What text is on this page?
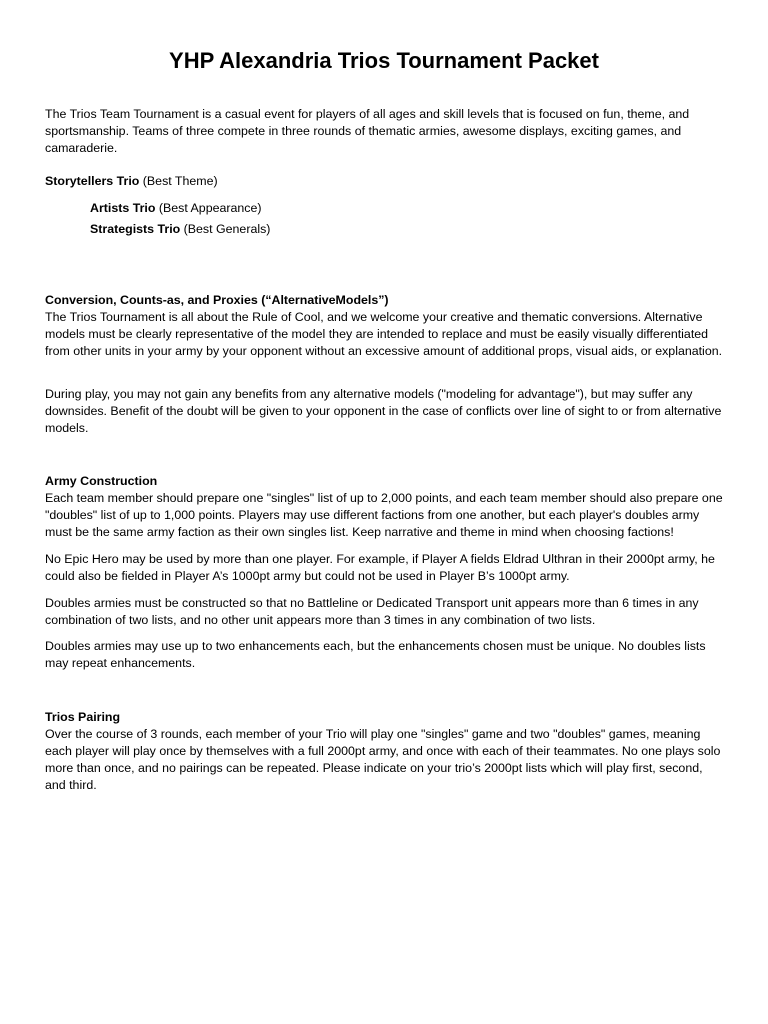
YHP Alexandria Trios Tournament Packet

The Trios Team Tournament is a casual event for players of all ages and skill levels that is focused on fun, theme, and sportsmanship. Teams of three compete in three rounds of thematic armies, awesome displays, exciting games, and camaraderie.

Storytellers Trio (Best Theme)

Artists Trio (Best Appearance)

Strategists Trio (Best Generals)

Conversion, Counts-as, and Proxies (“AlternativeModels”)

The Trios Tournament is all about the Rule of Cool, and we welcome your creative and thematic conversions. Alternative models must be clearly representative of the model they are intended to replace and must be easily visually differentiated from other units in your army by your opponent without an excessive amount of additional props, visual aids, or explanation.

During play, you may not gain any benefits from any alternative models ("modeling for advantage"), but may suffer any downsides. Benefit of the doubt will be given to your opponent in the case of conflicts over line of sight to or from alternative models.

Army Construction

Each team member should prepare one "singles" list of up to 2,000 points, and each team member should also prepare one "doubles" list of up to 1,000 points. Players may use different factions from one another, but each player's doubles army must be the same army faction as their own singles list. Keep narrative and theme in mind when choosing factions!

No Epic Hero may be used by more than one player. For example, if Player A fields Eldrad Ulthran in their 2000pt army, he could also be fielded in Player A’s 1000pt army but could not be used in Player B’s 1000pt army.

Doubles armies must be constructed so that no Battleline or Dedicated Transport unit appears more than 6 times in any combination of two lists, and no other unit appears more than 3 times in any combination of two lists.

Doubles armies may use up to two enhancements each, but the enhancements chosen must be unique. No doubles lists may repeat enhancements.

Trios Pairing

Over the course of 3 rounds, each member of your Trio will play one "singles" game and two "doubles" games, meaning each player will play once by themselves with a full 2000pt army, and once with each of their teammates. No one plays solo more than once, and no pairings can be repeated. Please indicate on your trio’s 2000pt lists which will play first, second, and third.
